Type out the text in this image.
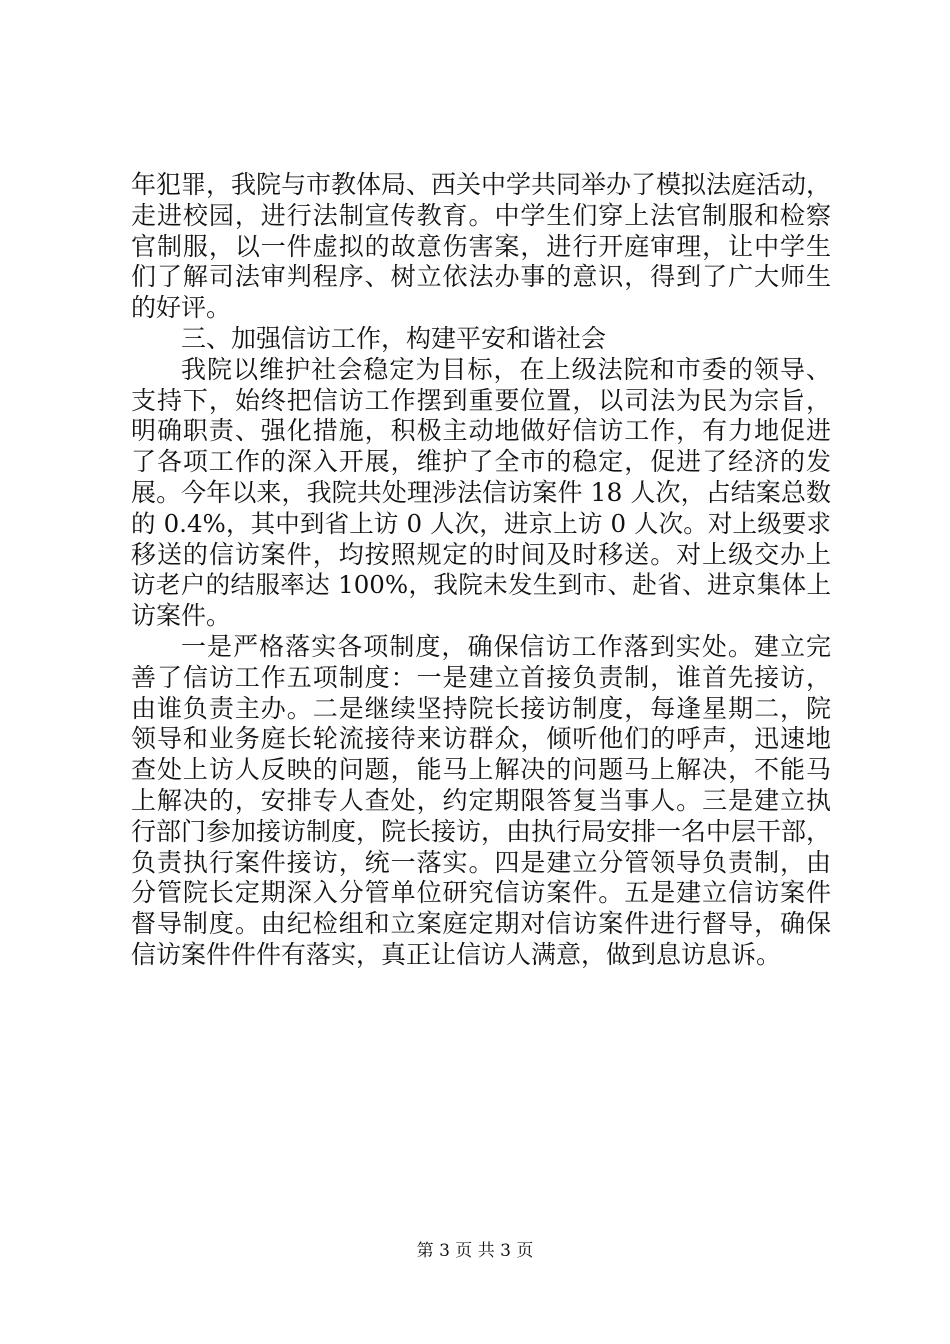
年犯罪，我院与市教体局、西关中学共同举办了模拟法庭活动，
走进校园，进行法制宣传教育。中学生们穿上法官制服和检察
官制服，以一件虚拟的故意伤害案，进行开庭审理，让中学生
们了解司法审判程序、树立依法办事的意识，得到了广大师生
的好评。
三、加强信访工作，构建平安和谐社会
我院以维护社会稳定为目标，在上级法院和市委的领导、
支持下，始终把信访工作摆到重要位置，以司法为民为宗旨，
明确职责、强化措施，积极主动地做好信访工作，有力地促进
了各项工作的深入开展，维护了全市的稳定，促进了经济的发
展。今年以来，我院共处理涉法信访案件 18 人次，占结案总数
的 0.4%，其中到省上访 0 人次，进京上访 0 人次。对上级要求
移送的信访案件，均按照规定的时间及时移送。对上级交办上
访老户的结服率达 100%，我院未发生到市、赴省、进京集体上
访案件。
一是严格落实各项制度，确保信访工作落到实处。建立完
善了信访工作五项制度：一是建立首接负责制，谁首先接访，
由谁负责主办。二是继续坚持院长接访制度，每逢星期二，院
领导和业务庭长轮流接待来访群众，倾听他们的呼声，迅速地
查处上访人反映的问题，能马上解决的问题马上解决，不能马
上解决的，安排专人查处，约定期限答复当事人。三是建立执
行部门参加接访制度，院长接访，由执行局安排一名中层干部，
负责执行案件接访，统一落实。四是建立分管领导负责制，由
分管院长定期深入分管单位研究信访案件。五是建立信访案件
督导制度。由纪检组和立案庭定期对信访案件进行督导，确保
信访案件件件有落实，真正让信访人满意，做到息访息诉。
第 3 页 共 3 页
